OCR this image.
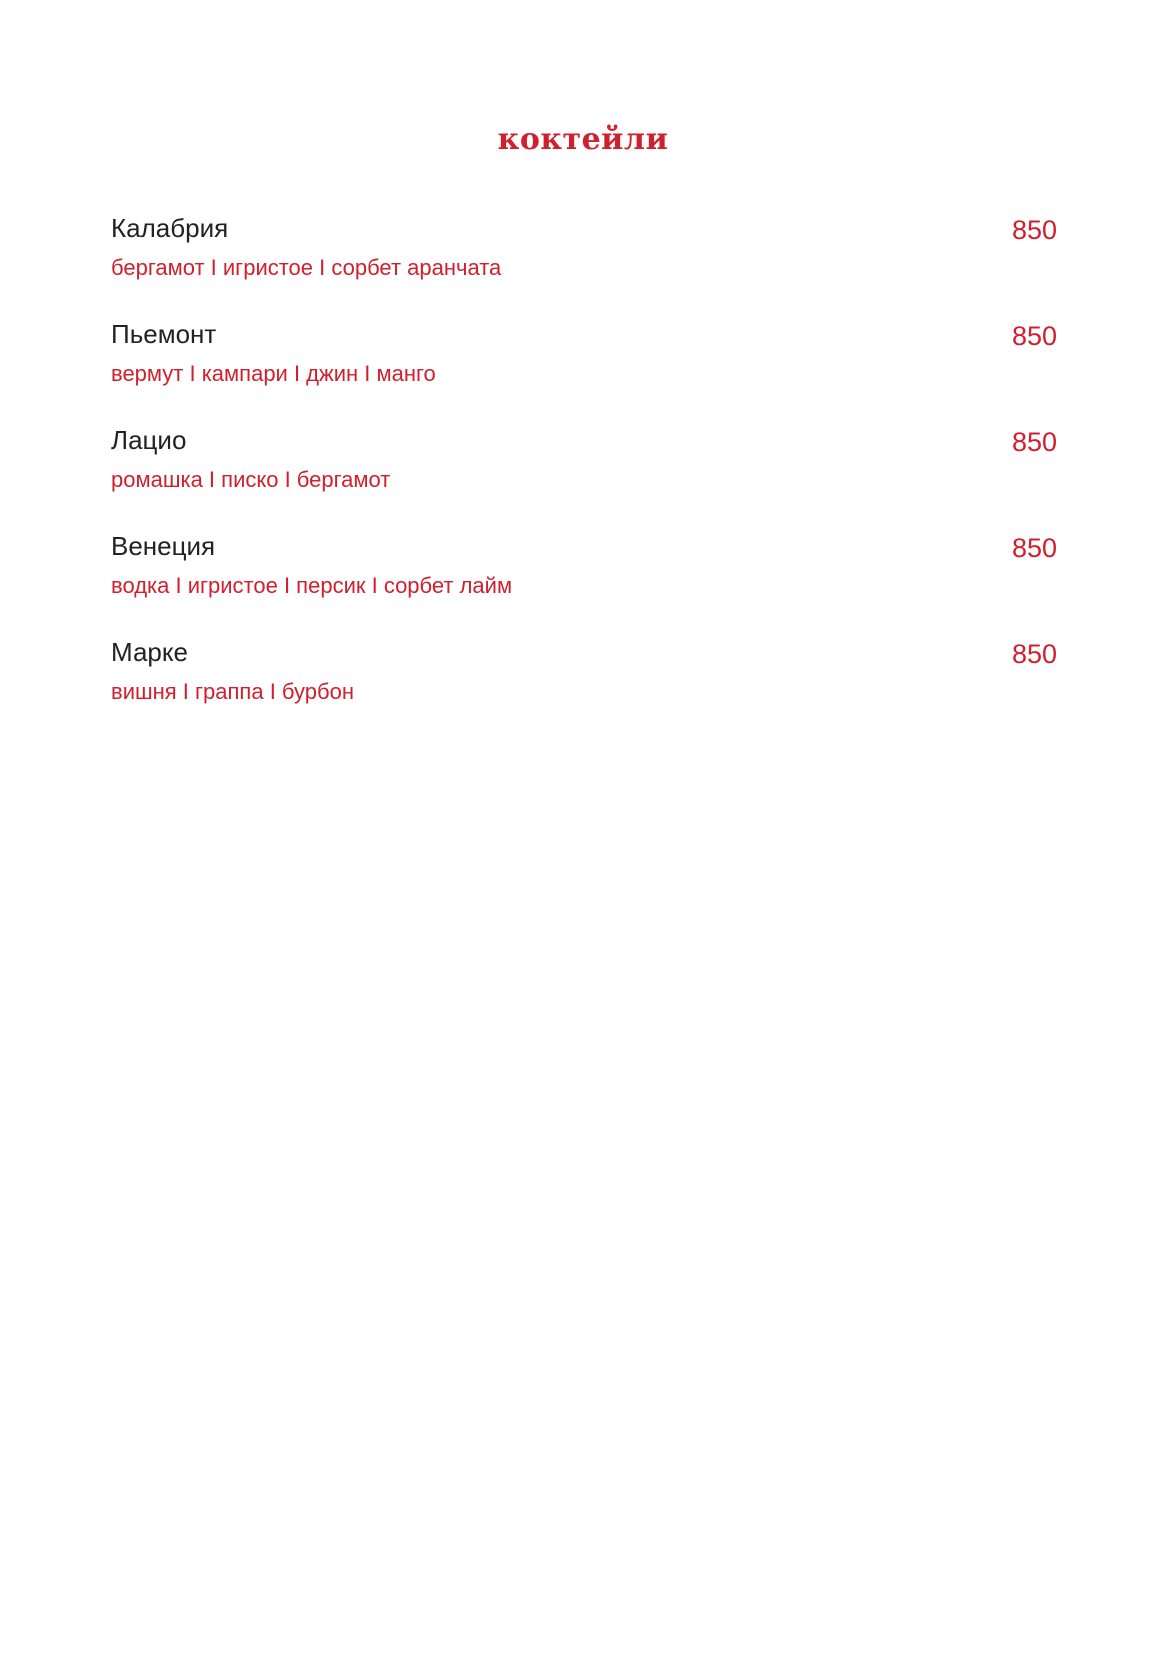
коктейли
Калабрия
бергамот I игристое I сорбет аранчата
850
Пьемонт
вермут I кампари I джин I манго
850
Лацио
ромашка I писко I бергамот
850
Венеция
водка I игристое I персик I сорбет лайм
850
Марке
вишня I граппа I бурбон
850
